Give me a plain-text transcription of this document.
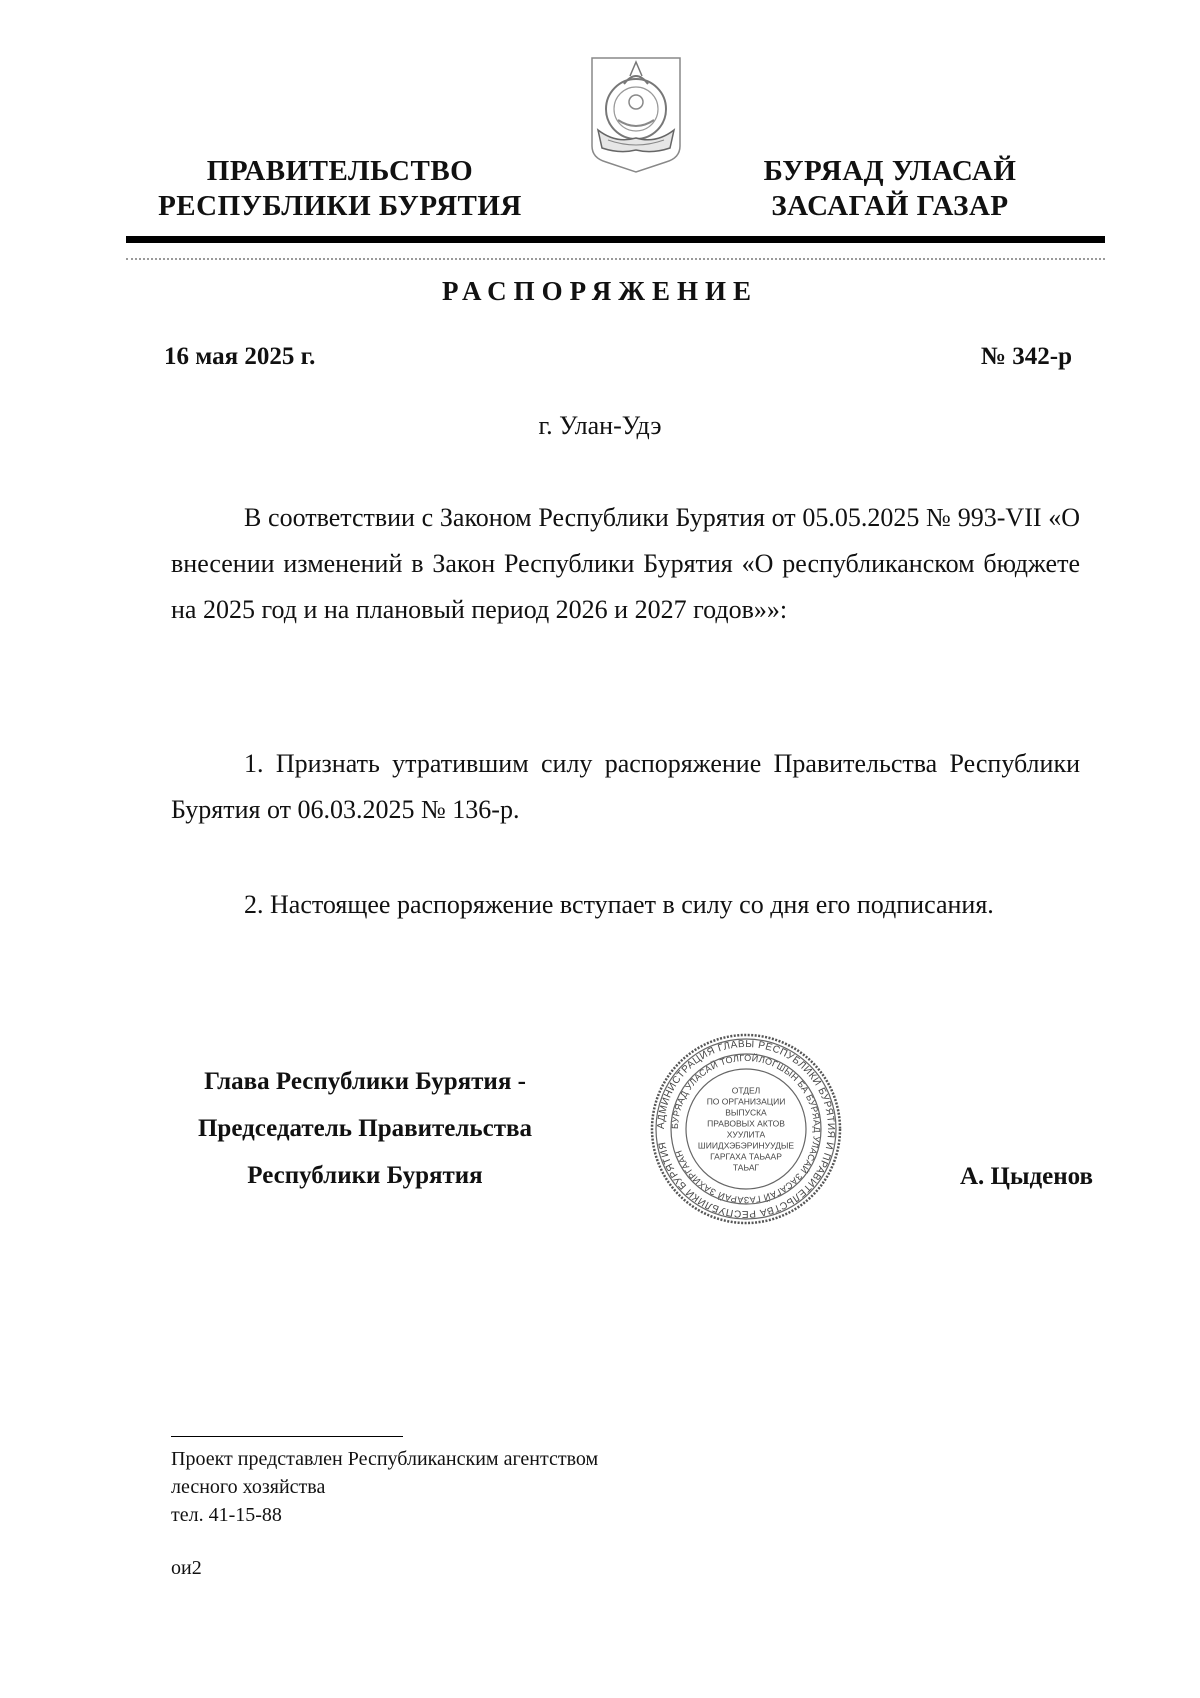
ПРАВИТЕЛЬСТВО
РЕСПУБЛИКИ БУРЯТИЯ
БУРЯАД УЛАСАЙ
ЗАСАГАЙ ГАЗАР
РАСПОРЯЖЕНИЕ
16 мая 2025 г.	№ 342-р
г. Улан-Удэ

В соответствии с Законом Республики Бурятия от 05.05.2025 № 993-VII «О внесении изменений в Закон Республики Бурятия «О республиканском бюджете на 2025 год и на плановый период 2026 и 2027 годов»»:

1. Признать утратившим силу распоряжение Правительства Республики Бурятия от 06.03.2025 № 136-р.

2. Настоящее распоряжение вступает в силу со дня его подписания.

Глава Республики Бурятия -
Председатель Правительства
Республики Бурятия
АДМИНИСТРАЦИЯ ГЛАВЫ РЕСПУБЛИКИ БУРЯТИЯ И ПРАВИТЕЛЬСТВА РЕСПУБЛИКИ БУРЯТИЯ
БУРЯАД УЛАСАЙ ТОЛГОЙЛОГШЫН БА БУРЯАД УЛАСАЙ ЗАСАГАЙ ГАЗАРАЙ ЗАХИРГААН
ОТДЕЛ
ПО ОРГАНИЗАЦИИ
ВЫПУСКА
ПРАВОВЫХ АКТОВ
ХУУЛИТА
ШИИДХЭБЭРИНУУДЫЕ
ГАРГАХА ТАЬААР
ТАЬАГ	А. Цыденов
Проект представлен Республиканским агентством
лесного хозяйства
тел. 41-15-88
ои2
